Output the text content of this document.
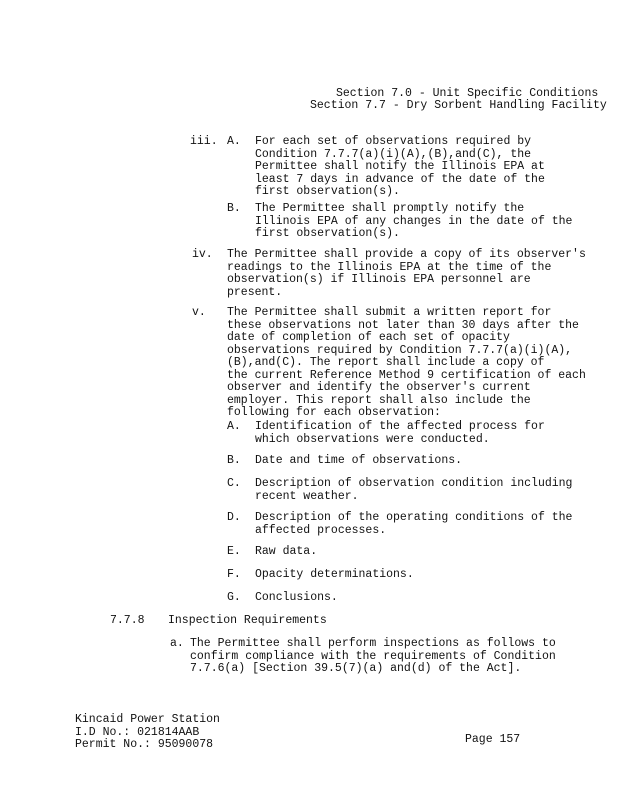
Section 7.0 - Unit Specific Conditions
Section 7.7 - Dry Sorbent Handling Facility
iii. A. For each set of observations required by
Condition 7.7.7(a)(i)(A),(B),and(C), the
Permittee shall notify the Illinois EPA at
least 7 days in advance of the date of the
first observation(s).
B. The Permittee shall promptly notify the
Illinois EPA of any changes in the date of the
first observation(s).
iv. The Permittee shall provide a copy of its observer's
readings to the Illinois EPA at the time of the
observation(s) if Illinois EPA personnel are
present.
v. The Permittee shall submit a written report for
these observations not later than 30 days after the
date of completion of each set of opacity
observations required by Condition 7.7.7(a)(i)(A),
(B),and(C). The report shall include a copy of
the current Reference Method 9 certification of each
observer and identify the observer's current
employer. This report shall also include the
following for each observation:
A. Identification of the affected process for
which observations were conducted.
B. Date and time of observations.
C. Description of observation condition including
recent weather.
D. Description of the operating conditions of the
affected processes.
E. Raw data.
F. Opacity determinations.
G. Conclusions.
7.7.8 Inspection Requirements
a. The Permittee shall perform inspections as follows to
confirm compliance with the requirements of Condition
7.7.6(a) [Section 39.5(7)(a) and(d) of the Act].
Kincaid Power Station
I.D No.: 021814AAB
Permit No.: 95090078	Page 157
